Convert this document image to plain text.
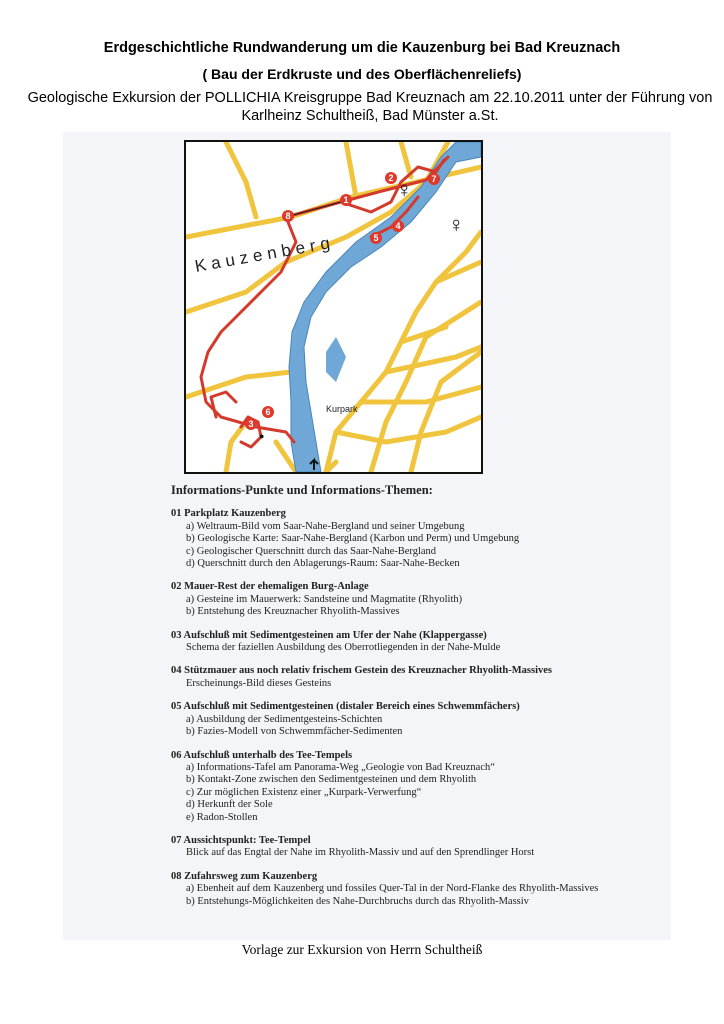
Erdgeschichtliche Rundwanderung um die Kauzenburg bei Bad Kreuznach
( Bau der Erdkruste und des Oberflächenreliefs)
Geologische Exkursion der POLLICHIA Kreisgruppe Bad Kreuznach am 22.10.2011 unter der Führung von
Karlheinz Schultheiß, Bad Münster a.St.
1
2
3
4
5
6
7
8
♀
♀
●
Kauzenberg
Kurpark
Informations-Punkte und Informations-Themen:
01 Parkplatz Kauzenberg
a) Weltraum-Bild vom Saar-Nahe-Bergland und seiner Umgebung
b) Geologische Karte: Saar-Nahe-Bergland (Karbon und Perm) und Umgebung
c) Geologischer Querschnitt durch das Saar-Nahe-Bergland
d) Querschnitt durch den Ablagerungs-Raum: Saar-Nahe-Becken
02 Mauer-Rest der ehemaligen Burg-Anlage
a) Gesteine im Mauerwerk: Sandsteine und Magmatite (Rhyolith)
b) Entstehung des Kreuznacher Rhyolith-Massives
03 Aufschluß mit Sedimentgesteinen am Ufer der Nahe (Klappergasse)
Schema der faziellen Ausbildung des Oberrotliegenden in der Nahe-Mulde
04 Stützmauer aus noch relativ frischem Gestein des Kreuznacher Rhyolith-Massives
Erscheinungs-Bild dieses Gesteins
05 Aufschluß mit Sedimentgesteinen (distaler Bereich eines Schwemmfächers)
a) Ausbildung der Sedimentgesteins-Schichten
b) Fazies-Modell von Schwemmfächer-Sedimenten
06 Aufschluß unterhalb des Tee-Tempels
a) Informations-Tafel am Panorama-Weg „Geologie von Bad Kreuznach“
b) Kontakt-Zone zwischen den Sedimentgesteinen und dem Rhyolith
c) Zur möglichen Existenz einer „Kurpark-Verwerfung“
d) Herkunft der Sole
e) Radon-Stollen
07 Aussichtspunkt: Tee-Tempel
Blick auf das Engtal der Nahe im Rhyolith-Massiv und auf den Sprendlinger Horst
08 Zufahrsweg zum Kauzenberg
a) Ebenheit auf dem Kauzenberg und fossiles Quer-Tal in der Nord-Flanke des Rhyolith-Massives
b) Entstehungs-Möglichkeiten des Nahe-Durchbruchs durch das Rhyolith-Massiv
Vorlage zur Exkursion von Herrn Schultheiß
